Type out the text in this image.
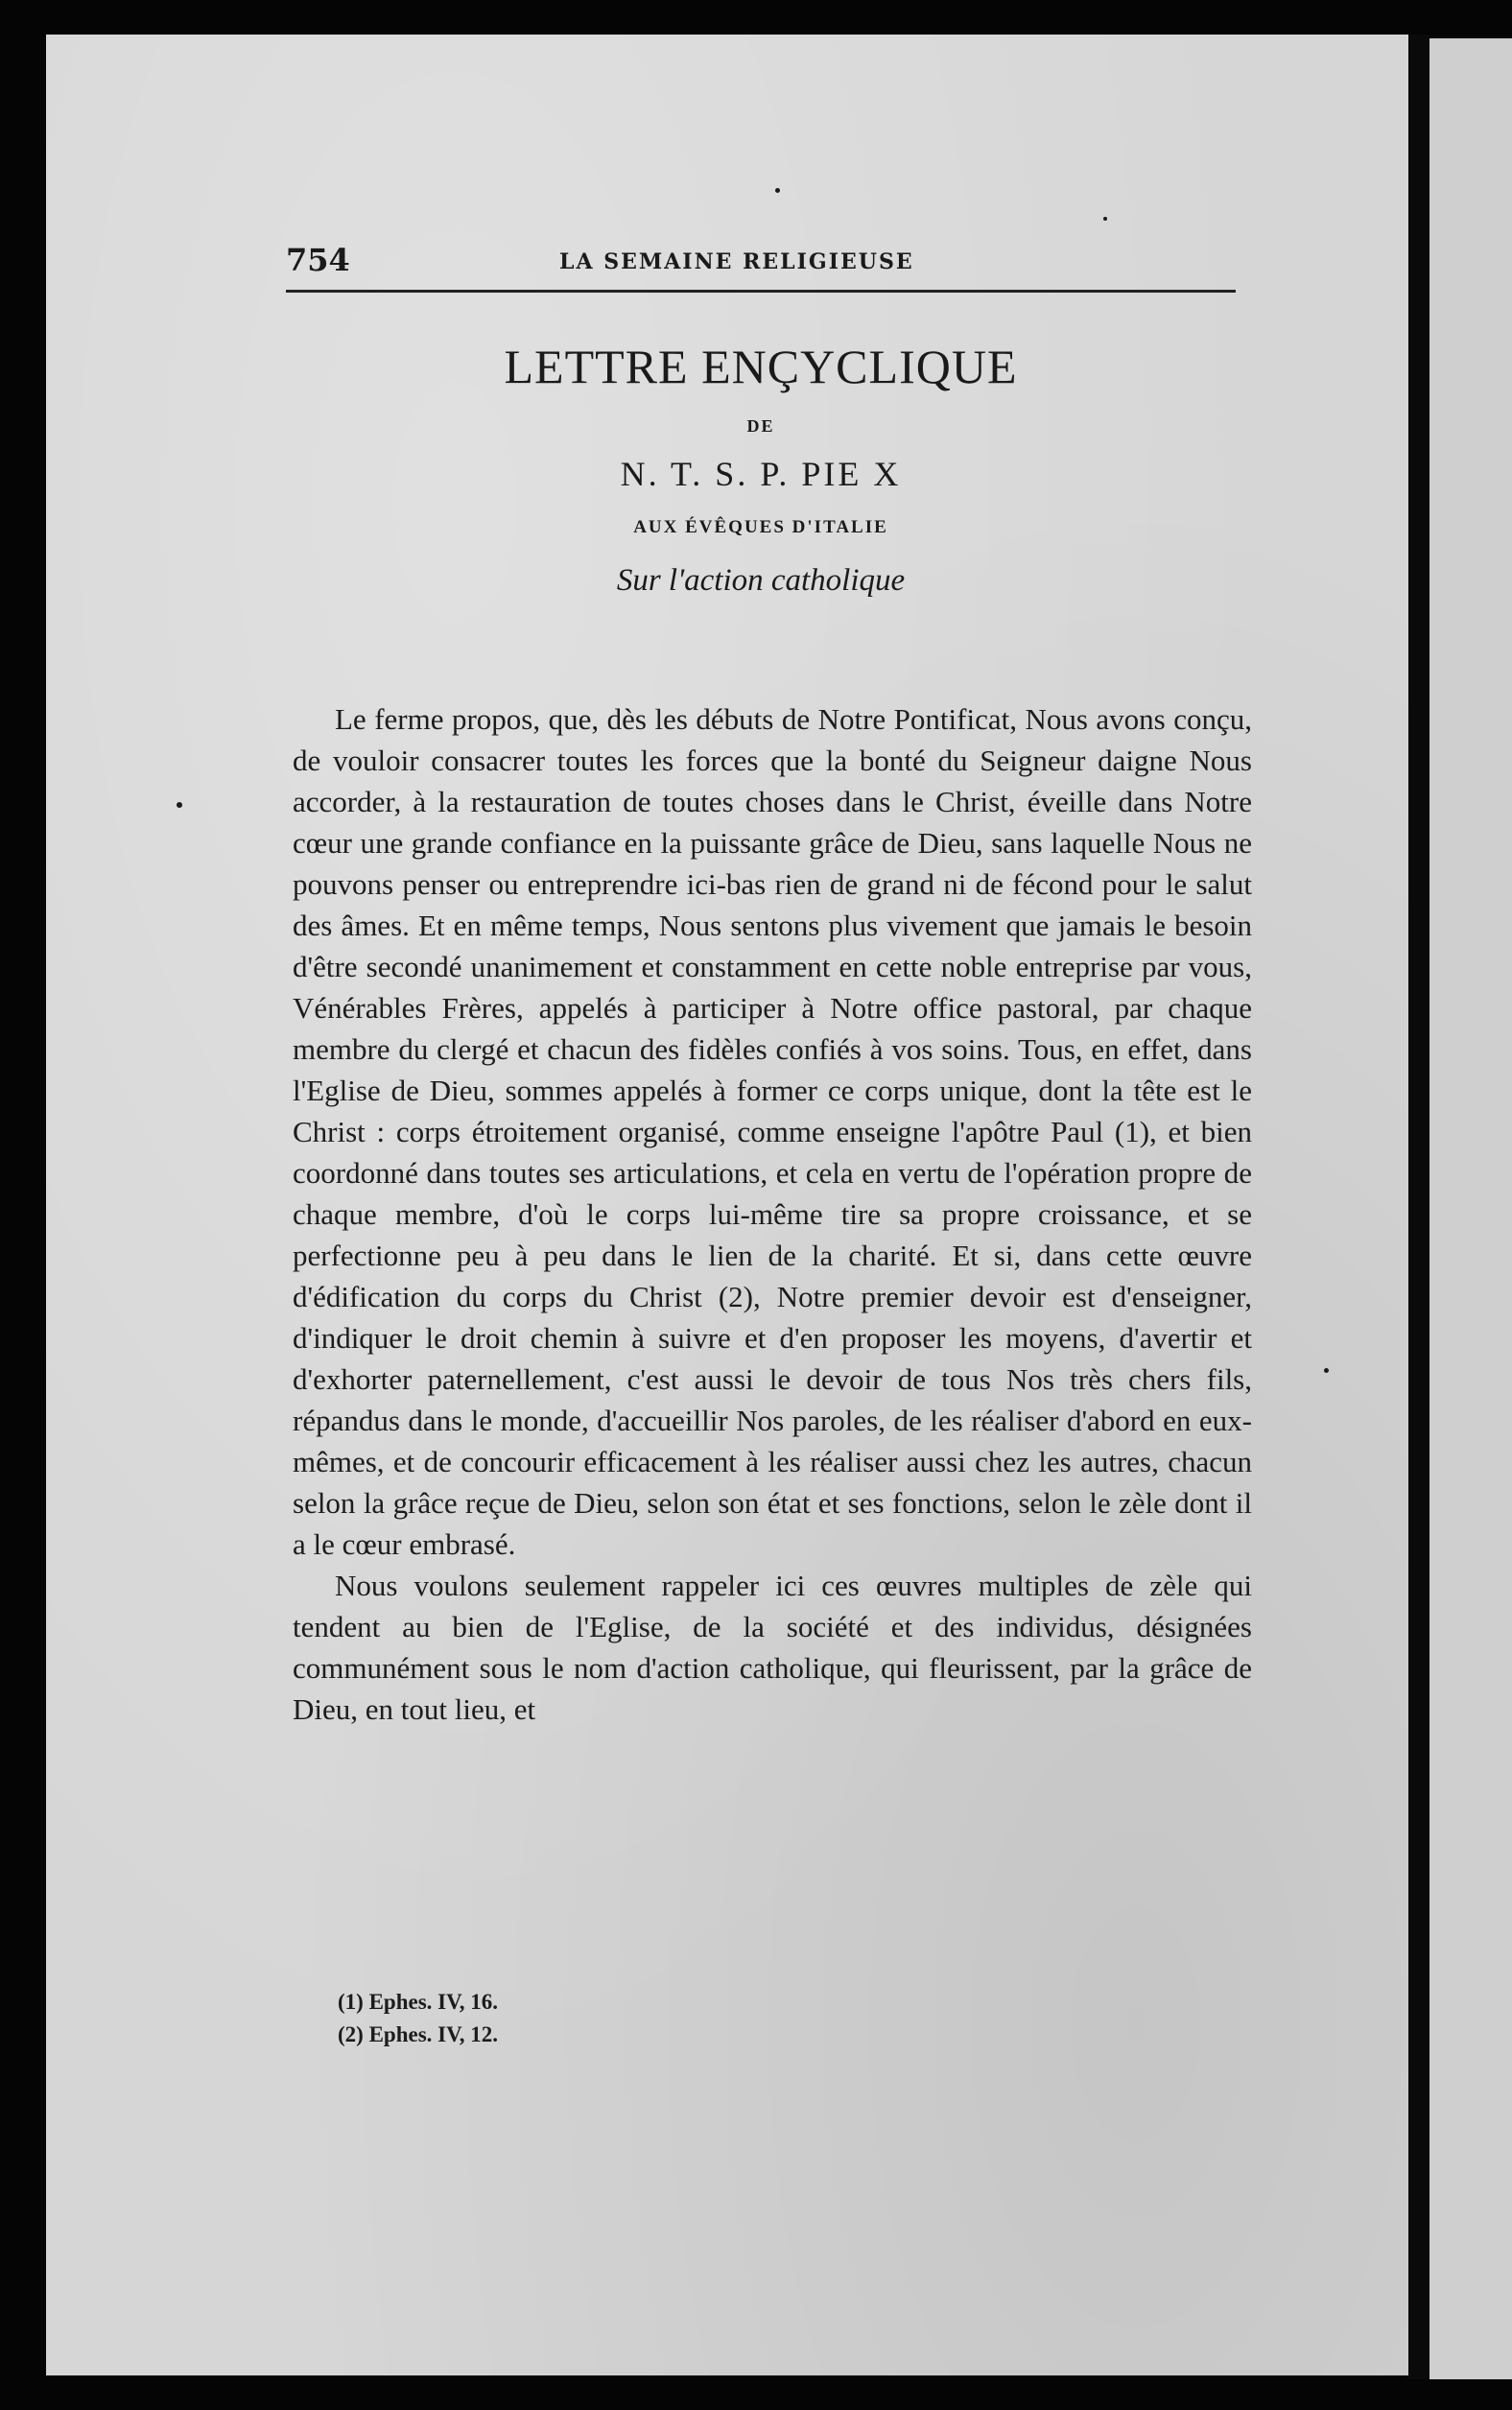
754	LA SEMAINE RELIGIEUSE
LETTRE ENÇYCLIQUE
DE
N. T. S. P. PIE X
AUX ÉVÊQUES D'ITALIE
Sur l'action catholique

Le ferme propos, que, dès les débuts de Notre Pontificat, Nous avons conçu, de vouloir consacrer toutes les forces que la bonté du Seigneur daigne Nous accorder, à la restauration de toutes choses dans le Christ, éveille dans Notre cœur une grande confiance en la puissante grâce de Dieu, sans laquelle Nous ne pouvons penser ou entreprendre ici-bas rien de grand ni de fécond pour le salut des âmes. Et en même temps, Nous sentons plus vivement que jamais le besoin d'être secondé unanimement et constamment en cette noble entreprise par vous, Vénérables Frères, appelés à participer à Notre office pastoral, par chaque membre du clergé et chacun des fidèles confiés à vos soins. Tous, en effet, dans l'Eglise de Dieu, sommes appelés à former ce corps unique, dont la tête est le Christ : corps étroitement organisé, comme enseigne l'apôtre Paul (1), et bien coordonné dans toutes ses articulations, et cela en vertu de l'opération propre de chaque membre, d'où le corps lui-même tire sa propre croissance, et se perfectionne peu à peu dans le lien de la charité. Et si, dans cette œuvre d'édification du corps du Christ (2), Notre premier devoir est d'enseigner, d'indiquer le droit chemin à suivre et d'en proposer les moyens, d'avertir et d'exhorter paternellement, c'est aussi le devoir de tous Nos très chers fils, répandus dans le monde, d'accueillir Nos paroles, de les réaliser d'abord en eux-mêmes, et de concourir efficacement à les réaliser aussi chez les autres, chacun selon la grâce reçue de Dieu, selon son état et ses fonctions, selon le zèle dont il a le cœur embrasé.

Nous voulons seulement rappeler ici ces œuvres multiples de zèle qui tendent au bien de l'Eglise, de la société et des individus, désignées communément sous le nom d'action catholique, qui fleurissent, par la grâce de Dieu, en tout lieu, et

(1) Ephes. IV, 16.
(2) Ephes. IV, 12.
